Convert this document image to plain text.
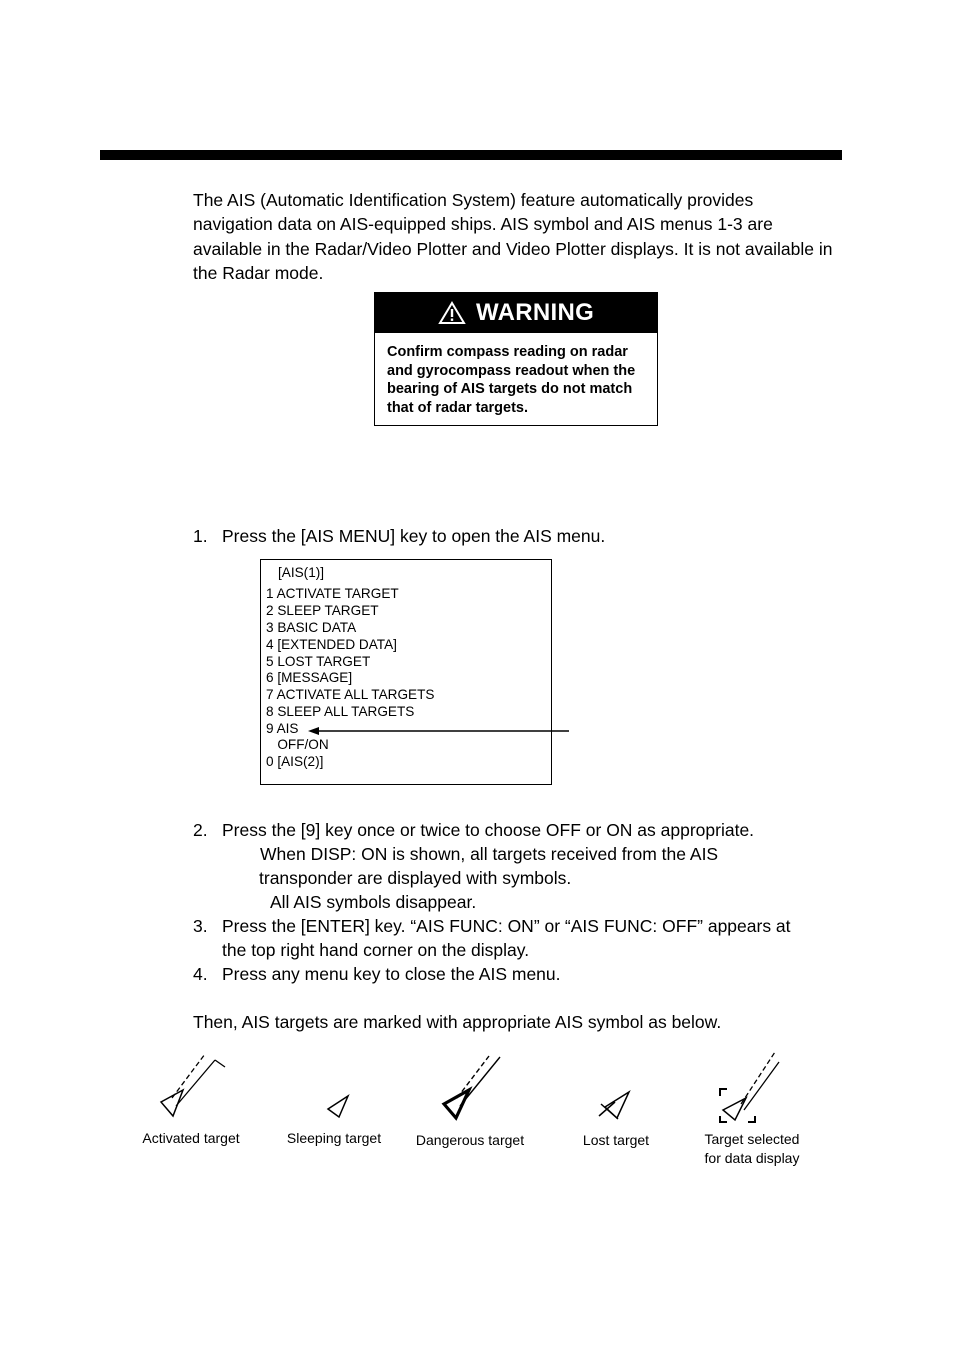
The AIS (Automatic Identification System) feature automatically provides navigation data on AIS-equipped ships. AIS symbol and AIS menus 1-3 are available in the Radar/Video Plotter and Video Plotter displays. It is not available in the Radar mode.

WARNING
Confirm compass reading on radar and gyrocompass readout when the bearing of AIS targets do not match that of radar targets.
1. Press the [AIS MENU] key to open the AIS menu.
[AIS(1)]
1 ACTIVATE TARGET
2 SLEEP TARGET
3 BASIC DATA
4 [EXTENDED DATA]
5 LOST TARGET
6 [MESSAGE]
7 ACTIVATE ALL TARGETS
8 SLEEP ALL TARGETS
9 AIS
OFF/ON
0 [AIS(2)]
2. Press the [9] key once or twice to choose OFF or ON as appropriate.
When DISP: ON is shown, all targets received from the AIS
transponder are displayed with symbols.
All AIS symbols disappear.
3. Press the [ENTER] key. “AIS FUNC: ON” or “AIS FUNC: OFF” appears at
the top right hand corner on the display.
4. Press any menu key to close the AIS menu.
Then, AIS targets are marked with appropriate AIS symbol as below.
Activated target	Sleeping target	Dangerous target	Lost target	Target selected
for data display
